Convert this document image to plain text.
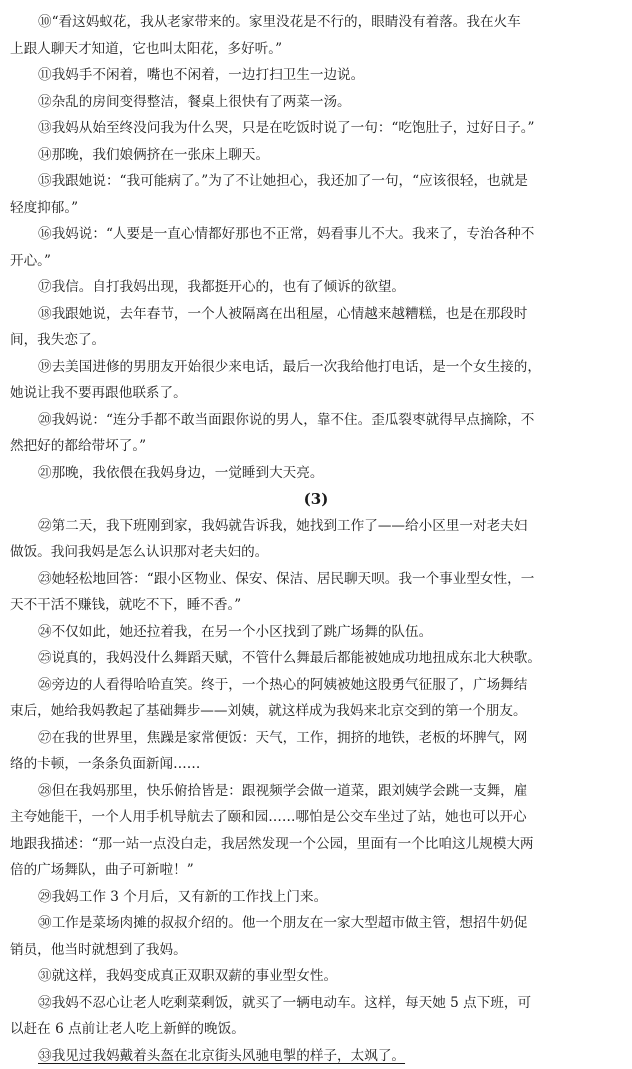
⑩“看这妈蚁花，我从老家带来的。家里没花是不行的，眼睛没有着落。我在火车
上跟人聊天才知道，它也叫太阳花，多好听。”

⑪我妈手不闲着，嘴也不闲着，一边打扫卫生一边说。

⑫杂乱的房间变得整洁，餐桌上很快有了两菜一汤。

⑬我妈从始至终没问我为什么哭，只是在吃饭时说了一句：“吃饱肚子，过好日子。”

⑭那晚，我们娘俩挤在一张床上聊天。

⑮我跟她说：“我可能病了。”为了不让她担心，我还加了一句，“应该很轻，也就是
轻度抑郁。”

⑯我妈说：“人要是一直心情都好那也不正常，妈看事儿不大。我来了，专治各种不
开心。”

⑰我信。自打我妈出现，我都挺开心的，也有了倾诉的欲望。

⑱我跟她说，去年春节，一个人被隔离在出租屋，心情越来越糟糕，也是在那段时
间，我失恋了。

⑲去美国进修的男朋友开始很少来电话，最后一次我给他打电话，是一个女生接的，
她说让我不要再跟他联系了。

⑳我妈说：“连分手都不敢当面跟你说的男人，靠不住。歪瓜裂枣就得早点摘除，不
然把好的都给带坏了。”

㉑那晚，我依偎在我妈身边，一觉睡到大天亮。

(3)

㉒第二天，我下班刚到家，我妈就告诉我，她找到工作了——给小区里一对老夫妇
做饭。我问我妈是怎么认识那对老夫妇的。

㉓她轻松地回答：“跟小区物业、保安、保洁、居民聊天呗。我一个事业型女性，一
天不干活不赚钱，就吃不下，睡不香。”

㉔不仅如此，她还拉着我，在另一个小区找到了跳广场舞的队伍。

㉕说真的，我妈没什么舞蹈天赋，不管什么舞最后都能被她成功地扭成东北大秧歌。

㉖旁边的人看得哈哈直笑。终于，一个热心的阿姨被她这股勇气征服了，广场舞结
束后，她给我妈教起了基础舞步——刘姨，就这样成为我妈来北京交到的第一个朋友。

㉗在我的世界里，焦躁是家常便饭：天气，工作，拥挤的地铁，老板的坏脾气，网
络的卡顿，一条条负面新闻……

㉘但在我妈那里，快乐俯拾皆是：跟视频学会做一道菜，跟刘姨学会跳一支舞，雇
主夸她能干，一个人用手机导航去了颐和园……哪怕是公交车坐过了站，她也可以开心
地跟我描述：“那一站一点没白走，我居然发现一个公园，里面有一个比咱这儿规模大两
倍的广场舞队，曲子可新啦！”

㉙我妈工作 3 个月后，又有新的工作找上门来。

㉚工作是菜场肉摊的叔叔介绍的。他一个朋友在一家大型超市做主管，想招牛奶促
销员，他当时就想到了我妈。

㉛就这样，我妈变成真正双职双薪的事业型女性。

㉜我妈不忍心让老人吃剩菜剩饭，就买了一辆电动车。这样，每天她 5 点下班，可
以赶在 6 点前让老人吃上新鲜的晚饭。

㉝我见过我妈戴着头盔在北京街头风驰电掣的样子，太飒了。
